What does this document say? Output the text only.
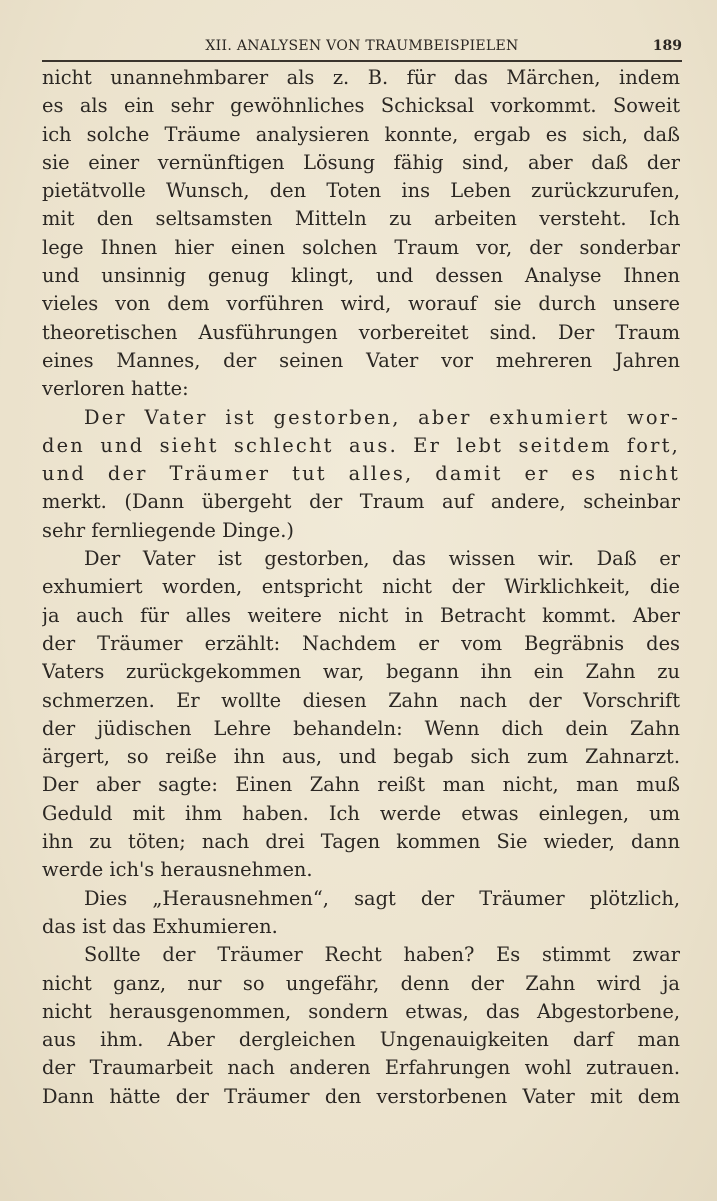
XII. ANALYSEN VON TRAUMBEISPIELEN	189
nicht unannehmbarer als z. B. für das Märchen, indem
es als ein sehr gewöhnliches Schicksal vorkommt. Soweit
ich solche Träume analysieren konnte, ergab es sich, daß
sie einer vernünftigen Lösung fähig sind, aber daß der
pietätvolle Wunsch, den Toten ins Leben zurückzurufen,
mit den seltsamsten Mitteln zu arbeiten versteht. Ich
lege Ihnen hier einen solchen Traum vor, der sonderbar
und unsinnig genug klingt, und dessen Analyse Ihnen
vieles von dem vorführen wird, worauf sie durch unsere
theoretischen Ausführungen vorbereitet sind. Der Traum
eines Mannes, der seinen Vater vor mehreren Jahren
verloren hatte:
Der Vater ist gestorben, aber exhumiert wor-
den und sieht schlecht aus. Er lebt seitdem fort,
und der Träumer tut alles, damit er es nicht
merkt. (Dann übergeht der Traum auf andere, scheinbar
sehr fernliegende Dinge.)
Der Vater ist gestorben, das wissen wir. Daß er
exhumiert worden, entspricht nicht der Wirklichkeit, die
ja auch für alles weitere nicht in Betracht kommt. Aber
der Träumer erzählt: Nachdem er vom Begräbnis des
Vaters zurückgekommen war, begann ihn ein Zahn zu
schmerzen. Er wollte diesen Zahn nach der Vorschrift
der jüdischen Lehre behandeln: Wenn dich dein Zahn
ärgert, so reiße ihn aus, und begab sich zum Zahnarzt.
Der aber sagte: Einen Zahn reißt man nicht, man muß
Geduld mit ihm haben. Ich werde etwas einlegen, um
ihn zu töten; nach drei Tagen kommen Sie wieder, dann
werde ich's herausnehmen.
Dies „Herausnehmen“, sagt der Träumer plötzlich,
das ist das Exhumieren.
Sollte der Träumer Recht haben? Es stimmt zwar
nicht ganz, nur so ungefähr, denn der Zahn wird ja
nicht herausgenommen, sondern etwas, das Abgestorbene,
aus ihm. Aber dergleichen Ungenauigkeiten darf man
der Traumarbeit nach anderen Erfahrungen wohl zutrauen.
Dann hätte der Träumer den verstorbenen Vater mit dem
